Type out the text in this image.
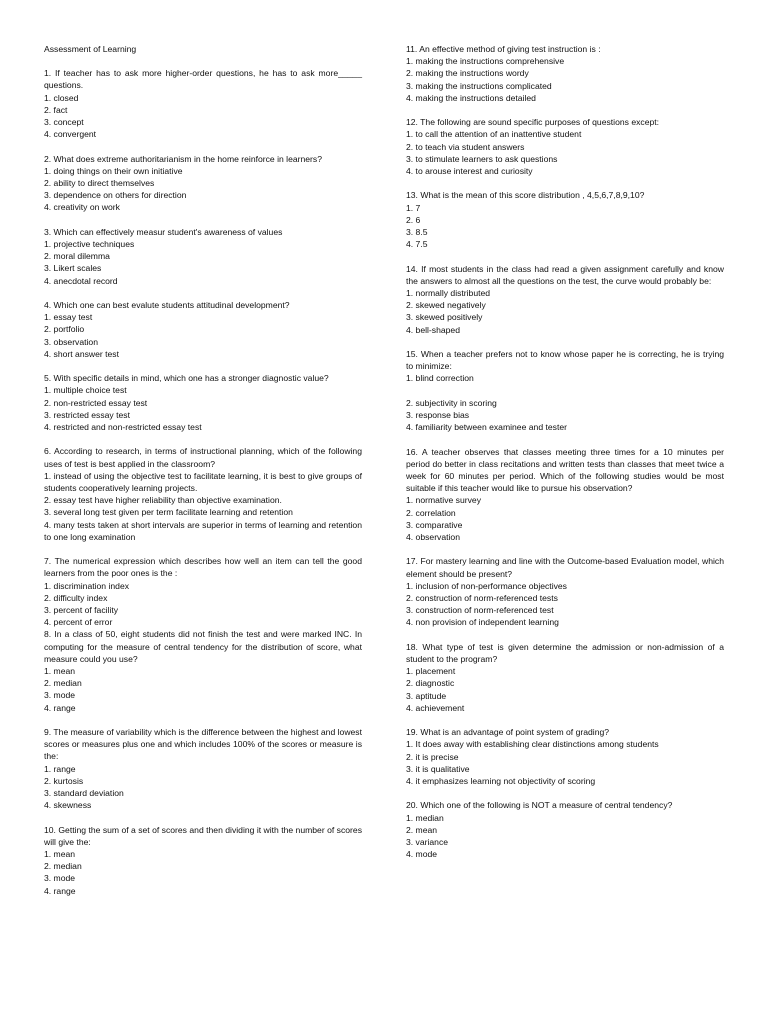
Assessment of Learning
1. If teacher has to ask more higher-order questions, he has to ask more_____ questions.
1. closed
2. fact
3. concept
4. convergent
2. What does extreme authoritarianism in the home reinforce in learners?
1. doing things on their own initiative
2. ability to direct themselves
3. dependence on others for direction
4. creativity on work
3. Which can effectively measur student's awareness of values
1. projective techniques
2. moral dilemma
3. Likert scales
4. anecdotal record
4. Which one can best evalute students attitudinal development?
1. essay test
2. portfolio
3. observation
4. short answer test
5. With specific details in mind, which one has a stronger diagnostic value?
1. multiple choice test
2. non-restricted essay test
3. restricted essay test
4. restricted and non-restricted essay test
6. According to research, in terms of instructional planning, which of the following uses of test is best applied in the classroom?
1. instead of using the objective test to facilitate learning, it is best to give groups of students cooperatively learning projects.
2. essay test have higher reliability than objective examination.
3. several long test given per term facilitate learning and retention
4. many tests taken at short intervals are superior in terms of learning and retention to one long examination
7. The numerical expression which describes how well an item can tell the good learners from the poor ones is the :
1. discrimination index
2. difficulty index
3. percent of facility
4. percent of error
8. In a class of 50, eight students did not finish the test and were marked INC. In computing for the measure of central tendency for the distribution of score, what measure could you use?
1. mean
2. median
3. mode
4. range
9. The measure of variability which is the difference between the highest and lowest scores or measures plus one and which includes 100% of the scores or measure is the:
1. range
2. kurtosis
3. standard deviation
4. skewness
10. Getting the sum of a set of scores and then dividing it with the number of scores will give the:
1. mean
2. median
3. mode
4. range
11. An effective method of giving test instruction is :
1. making the instructions comprehensive
2. making the instructions wordy
3. making the instructions complicated
4. making the instructions detailed
12. The following are sound specific purposes of questions except:
1. to call the attention of an inattentive student
2. to teach via student answers
3. to stimulate learners to ask questions
4. to arouse interest and curiosity
13. What is the mean of this score distribution , 4,5,6,7,8,9,10?
1. 7
2. 6
3. 8.5
4. 7.5
14. If most students in the class had read a given assignment carefully and know the answers to almost all the questions on the test, the curve would probably be:
1. normally distributed
2. skewed negatively
3. skewed positively
4. bell-shaped
15. When a teacher prefers not to know whose paper he is correcting, he is trying to minimize:
1. blind correction
2. subjectivity in scoring
3. response bias
4. familiarity between examinee and tester
16. A teacher observes that classes meeting three times for a 10 minutes per period do better in class recitations and written tests than classes that meet twice a week for 60 minutes per period. Which of the following studies would be most suitable if this teacher would like to pursue his observation?
1. normative survey
2. correlation
3. comparative
4. observation
17. For mastery learning and line with the Outcome-based Evaluation model, which element should be present?
1. inclusion of non-performance objectives
2. construction of norm-referenced tests
3. construction of norm-referenced test
4. non provision of independent learning
18. What type of test is given determine the admission or non-admission of a student to the program?
1. placement
2. diagnostic
3. aptitude
4. achievement
19. What is an advantage of point system of grading?
1. It does away with establishing clear distinctions among students
2. it is precise
3. it is qualitative
4. it emphasizes learning not objectivity of scoring
20. Which one of the following is NOT a measure of central tendency?
1. median
2. mean
3. variance
4. mode
